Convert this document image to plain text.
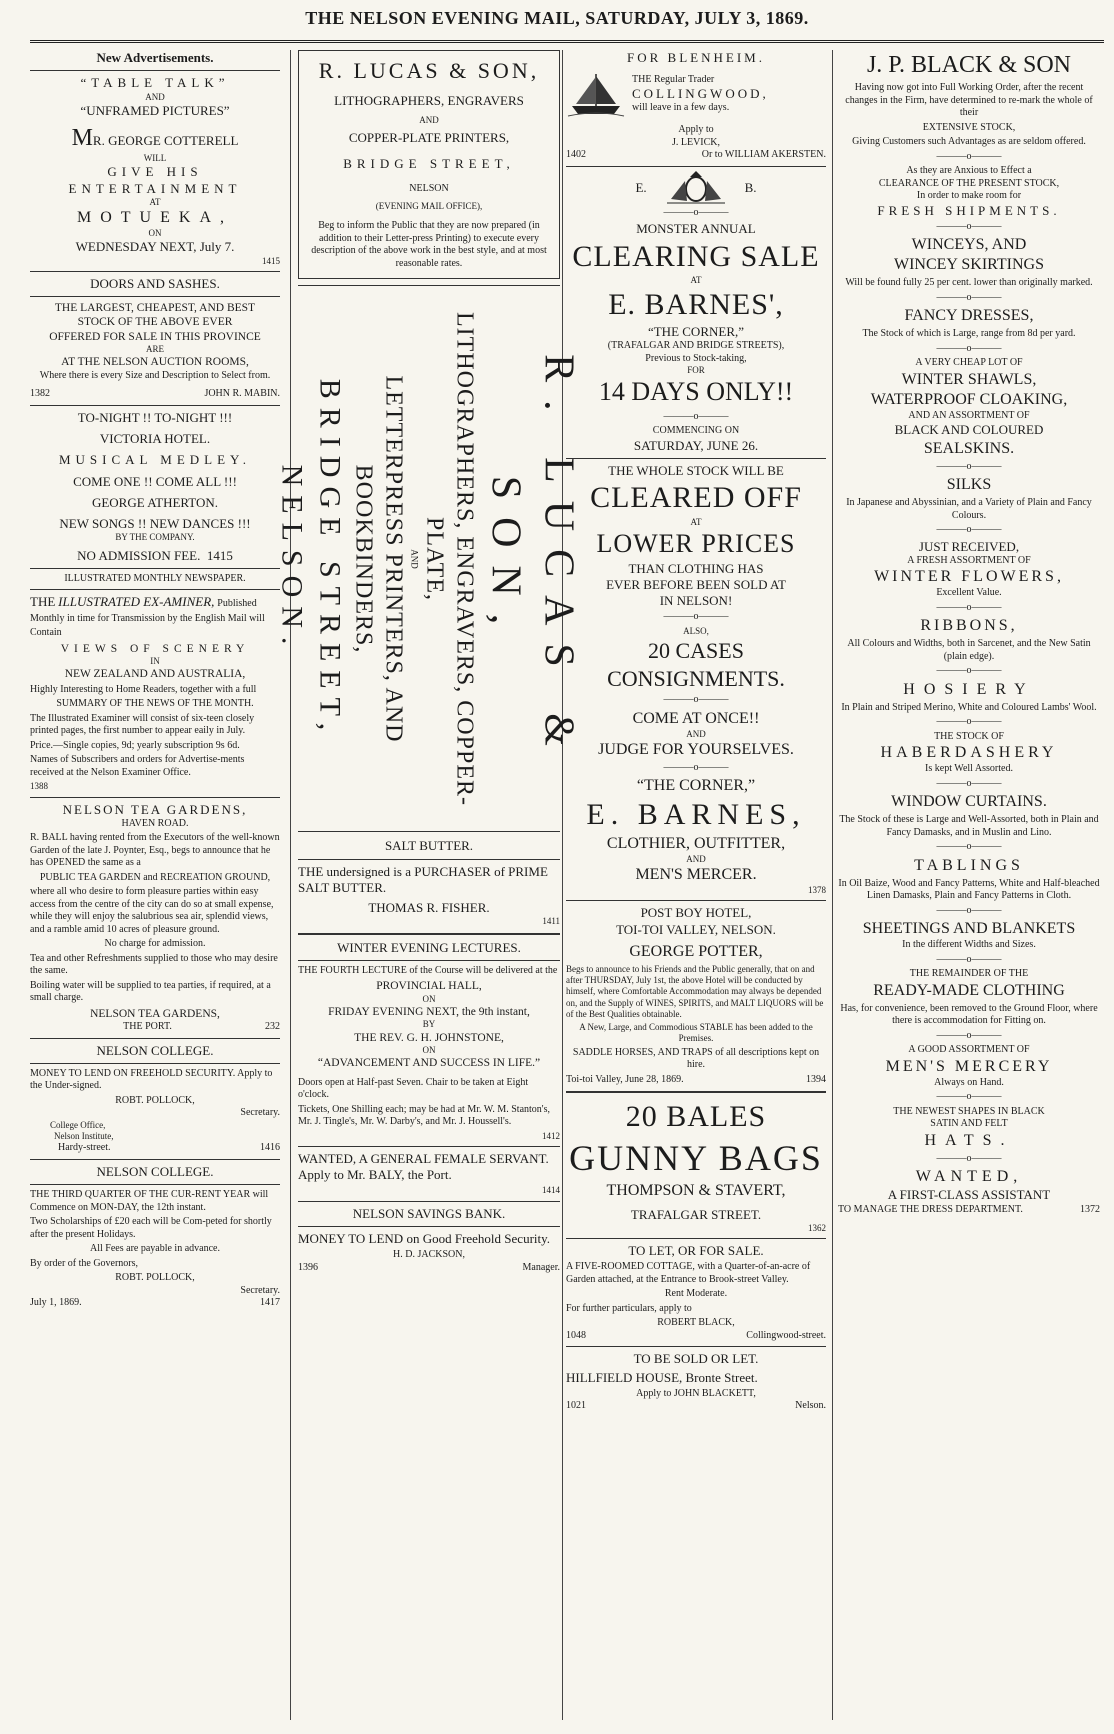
THE NELSON EVENING MAIL, SATURDAY, JULY 3, 1869.
New Advertisements.
“TABLE TALK”
AND
“UNFRAMED PICTURES”
MR. GEORGE COTTERELL
WILL
GIVE HIS ENTERTAINMENT
AT
MOTUEKA,
ON
WEDNESDAY NEXT, July 7.
1415
DOORS AND SASHES.
THE LARGEST, CHEAPEST, AND BEST
STOCK OF THE ABOVE EVER
OFFERED FOR SALE IN THIS PROVINCE
ARE
AT THE NELSON AUCTION ROOMS,
Where there is every Size and Description to Select from.
1382	JOHN R. MABIN.
TO-NIGHT !! TO-NIGHT !!!
VICTORIA HOTEL.
MUSICAL MEDLEY.
COME ONE !! COME ALL !!!
GEORGE ATHERTON.
NEW SONGS !! NEW DANCES !!!
BY THE COMPANY.
NO ADMISSION FEE. 1415
ILLUSTRATED MONTHLY NEWSPAPER.

THE ILLUSTRATED EX-AMINER, Published Monthly in time for Transmission by the English Mail will Contain

VIEWS OF SCENERY
IN
NEW ZEALAND AND AUSTRALIA,

Highly Interesting to Home Readers, together with a full

SUMMARY OF THE NEWS OF THE MONTH.

The Illustrated Examiner will consist of six-teen closely printed pages, the first number to appear eaily in July.

Price.—Single copies, 9d; yearly subscription 9s 6d.

Names of Subscribers and orders for Advertise-ments received at the Nelson Examiner Office.

1388
NELSON TEA GARDENS,
HAVEN ROAD.

R. BALL having rented from the Executors of the well-known Garden of the late J. Poynter, Esq., begs to announce that he has OPENED the same as a

PUBLIC TEA GARDEN and RECREATION GROUND,

where all who desire to form pleasure parties within easy access from the centre of the city can do so at small expense, while they will enjoy the salubrious sea air, splendid views, and a ramble amid 10 acres of pleasure ground.

No charge for admission.

Tea and other Refreshments supplied to those who may desire the same.

Boiling water will be supplied to tea parties, if required, at a small charge.

NELSON TEA GARDENS,
THE PORT.	232
NELSON COLLEGE.

MONEY TO LEND ON FREEHOLD SECURITY. Apply to the Under-signed.

ROBT. POLLOCK,
Secretary.
College Office,
Nelson Institute,
Hardy-street.	1416
NELSON COLLEGE.

THE THIRD QUARTER OF THE CUR-RENT YEAR will Commence on MON-DAY, the 12th instant.

Two Scholarships of £20 each will be Com-peted for shortly after the present Holidays.

All Fees are payable in advance.

By order of the Governors,

ROBT. POLLOCK,
Secretary.
July 1, 1869.	1417
R. LUCAS & SON,
LITHOGRAPHERS, ENGRAVERS
AND
COPPER-PLATE PRINTERS,
BRIDGE STREET,
NELSON
(EVENING MAIL OFFICE),

Beg to inform the Public that they are now prepared (in addition to their Letter-press Printing) to execute every description of the above work in the best style, and at most reasonable rates.

R. LUCAS & SON,
LITHOGRAPHERS, ENGRAVERS, COPPER-PLATE,
AND
LETTERPRESS PRINTERS, AND BOOKBINDERS,
BRIDGE STREET, NELSON.
SALT BUTTER.

THE undersigned is a PURCHASER of PRIME SALT BUTTER.

THOMAS R. FISHER.
1411
WINTER EVENING LECTURES.

THE FOURTH LECTURE of the Course will be delivered at the

PROVINCIAL HALL,
ON
FRIDAY EVENING NEXT, the 9th instant,
BY
THE REV. G. H. JOHNSTONE,
ON
“ADVANCEMENT AND SUCCESS IN LIFE.”

Doors open at Half-past Seven. Chair to be taken at Eight o'clock.

Tickets, One Shilling each; may be had at Mr. W. M. Stanton's, Mr. J. Tingle's, Mr. W. Darby's, and Mr. J. Houssell's.

1412

WANTED, A GENERAL FEMALE SERVANT. Apply to Mr. BALY, the Port.

1414
NELSON SAVINGS BANK.

MONEY TO LEND on Good Freehold Security.

H. D. JACKSON,
1396	Manager.
FOR BLENHEIM.
THE Regular Trader
COLLINGWOOD,
will leave in a few days.
Apply to
J. LEVICK,
1402	Or to WILLIAM AKERSTEN.
E.	B.
———o———
MONSTER ANNUAL
CLEARING SALE
AT
E. BARNES',
“THE CORNER,”
(TRAFALGAR AND BRIDGE STREETS),
Previous to Stock-taking,
FOR
14 DAYS ONLY!!
———o———
COMMENCING ON
SATURDAY, JUNE 26.
THE WHOLE STOCK WILL BE
CLEARED OFF
AT
LOWER PRICES
THAN CLOTHING HAS
EVER BEFORE BEEN SOLD AT
IN NELSON!
———o———
ALSO,
20 CASES CONSIGNMENTS.
———o———
COME AT ONCE!!
AND
JUDGE FOR YOURSELVES.
———o———
“THE CORNER,”
E. BARNES,
CLOTHIER, OUTFITTER,
AND
MEN'S MERCER.
1378
POST BOY HOTEL,
TOI-TOI VALLEY, NELSON.
GEORGE POTTER,

Begs to announce to his Friends and the Public generally, that on and after THURSDAY, July 1st, the above Hotel will be conducted by himself, where Comfortable Accommodation may always be depended on, and the Supply of WINES, SPIRITS, and MALT LIQUORS will be of the Best Qualities obtainable.

A New, Large, and Commodious STABLE has been added to the Premises.

SADDLE HORSES, AND TRAPS of all descriptions kept on hire.

Toi-toi Valley, June 28, 1869.	1394
20 BALES
GUNNY BAGS
THOMPSON & STAVERT,
TRAFALGAR STREET.
1362
TO LET, OR FOR SALE.

A FIVE-ROOMED COTTAGE, with a Quarter-of-an-acre of Garden attached, at the Entrance to Brook-street Valley.

Rent Moderate.

For further particulars, apply to

ROBERT BLACK,
1048	Collingwood-street.
TO BE SOLD OR LET.

HILLFIELD HOUSE, Bronte Street.

Apply to JOHN BLACKETT,
1021	Nelson.
J. P. BLACK & SON

Having now got into Full Working Order, after the recent changes in the Firm, have determined to re-mark the whole of their

EXTENSIVE STOCK,

Giving Customers such Advantages as are seldom offered.

———o———
As they are Anxious to Effect a
CLEARANCE OF THE PRESENT STOCK,
In order to make room for
FRESH SHIPMENTS.
———o———
WINCEYS, AND
WINCEY SKIRTINGS

Will be found fully 25 per cent. lower than originally marked.

———o———
FANCY DRESSES,

The Stock of which is Large, range from 8d per yard.

———o———
A VERY CHEAP LOT OF
WINTER SHAWLS,
WATERPROOF CLOAKING,
AND AN ASSORTMENT OF
BLACK AND COLOURED
SEALSKINS.
———o———
SILKS

In Japanese and Abyssinian, and a Variety of Plain and Fancy Colours.

———o———
JUST RECEIVED,
A FRESH ASSORTMENT OF
WINTER FLOWERS,
Excellent Value.
———o———
RIBBONS,

All Colours and Widths, both in Sarcenet, and the New Satin (plain edge).

———o———
HOSIERY

In Plain and Striped Merino, White and Coloured Lambs' Wool.

———o———
THE STOCK OF
HABERDASHERY
Is kept Well Assorted.
———o———
WINDOW CURTAINS.

The Stock of these is Large and Well-Assorted, both in Plain and Fancy Damasks, and in Muslin and Lino.

———o———
TABLINGS

In Oil Baize, Wood and Fancy Patterns, White and Half-bleached Linen Damasks, Plain and Fancy Patterns in Cloth.

———o———
SHEETINGS AND BLANKETS
In the different Widths and Sizes.
———o———
THE REMAINDER OF THE
READY-MADE CLOTHING

Has, for convenience, been removed to the Ground Floor, where there is accommodation for Fitting on.

———o———
A GOOD ASSORTMENT OF
MEN'S MERCERY
Always on Hand.
———o———
THE NEWEST SHAPES IN BLACK
SATIN AND FELT
HATS.
———o———
WANTED,
A FIRST-CLASS ASSISTANT
TO MANAGE THE DRESS DEPARTMENT.	1372
